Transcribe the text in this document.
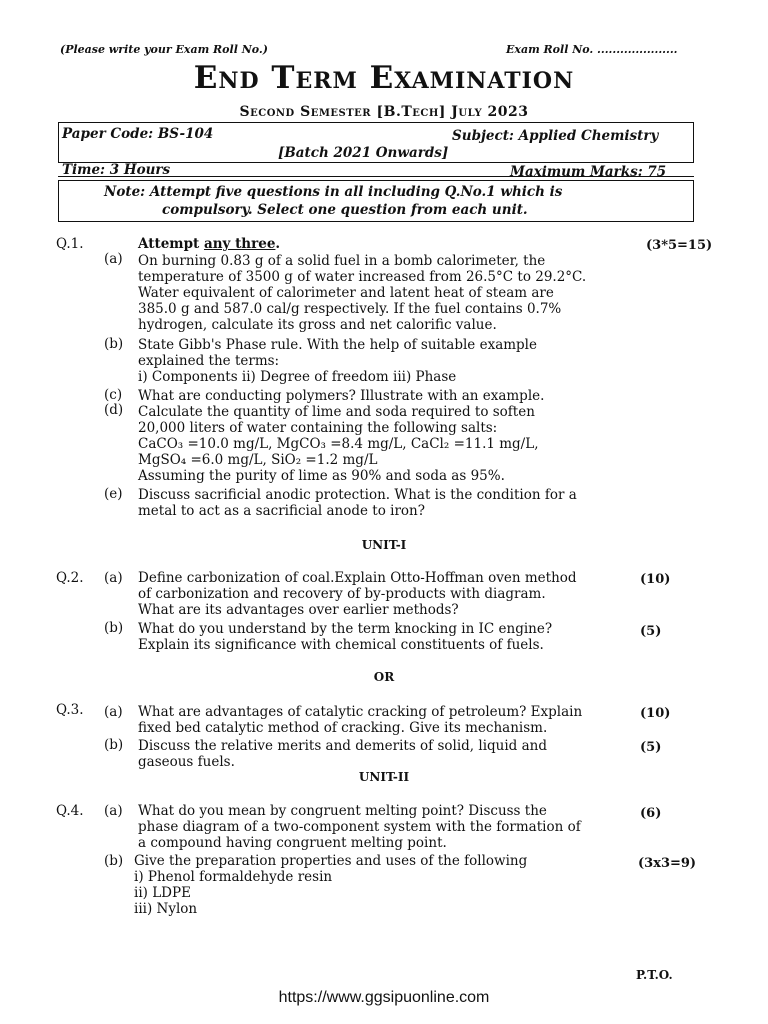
(Please write your Exam Roll No.)	Exam Roll No. .....................
End Term Examination
Second Semester [B.Tech] July 2023
Paper Code: BS-104	Subject: Applied Chemistry
[Batch 2021 Onwards]
Time: 3 Hours	Maximum Marks: 75
Note: Attempt five questions in all including Q.No.1 which is
compulsory. Select one question from each unit.
Q.1.	Attempt any three.	(3*5=15)
(a) On burning 0.83 g of a solid fuel in a bomb calorimeter, the
temperature of 3500 g of water increased from 26.5°C to 29.2°C.
Water equivalent of calorimeter and latent heat of steam are
385.0 g and 587.0 cal/g respectively. If the fuel contains 0.7%
hydrogen, calculate its gross and net calorific value.
(b) State Gibb's Phase rule. With the help of suitable example
explained the terms:
i) Components ii) Degree of freedom iii) Phase
(c) What are conducting polymers? Illustrate with an example.
(d) Calculate the quantity of lime and soda required to soften
20,000 liters of water containing the following salts:
CaCO₃ =10.0 mg/L, MgCO₃ =8.4 mg/L, CaCl₂ =11.1 mg/L,
MgSO₄ =6.0 mg/L, SiO₂ =1.2 mg/L
Assuming the purity of lime as 90% and soda as 95%.
(e) Discuss sacrificial anodic protection. What is the condition for a
metal to act as a sacrificial anode to iron?
UNIT-I
Q.2. (a) Define carbonization of coal.Explain Otto-Hoffman oven method
of carbonization and recovery of by-products with diagram.
What are its advantages over earlier methods?
(10)
(b) What do you understand by the term knocking in IC engine?
Explain its significance with chemical constituents of fuels.
(5)
OR
Q.3. (a) What are advantages of catalytic cracking of petroleum? Explain
fixed bed catalytic method of cracking. Give its mechanism.
(10)
(b) Discuss the relative merits and demerits of solid, liquid and
gaseous fuels.
(5)
UNIT-II
Q.4. (a) What do you mean by congruent melting point? Discuss the
phase diagram of a two-component system with the formation of
a compound having congruent melting point.
(6)
(b) Give the preparation properties and uses of the following
i) Phenol formaldehyde resin
ii) LDPE
iii) Nylon
(3x3=9)
P.T.O.
https://www.ggsipuonline.com
